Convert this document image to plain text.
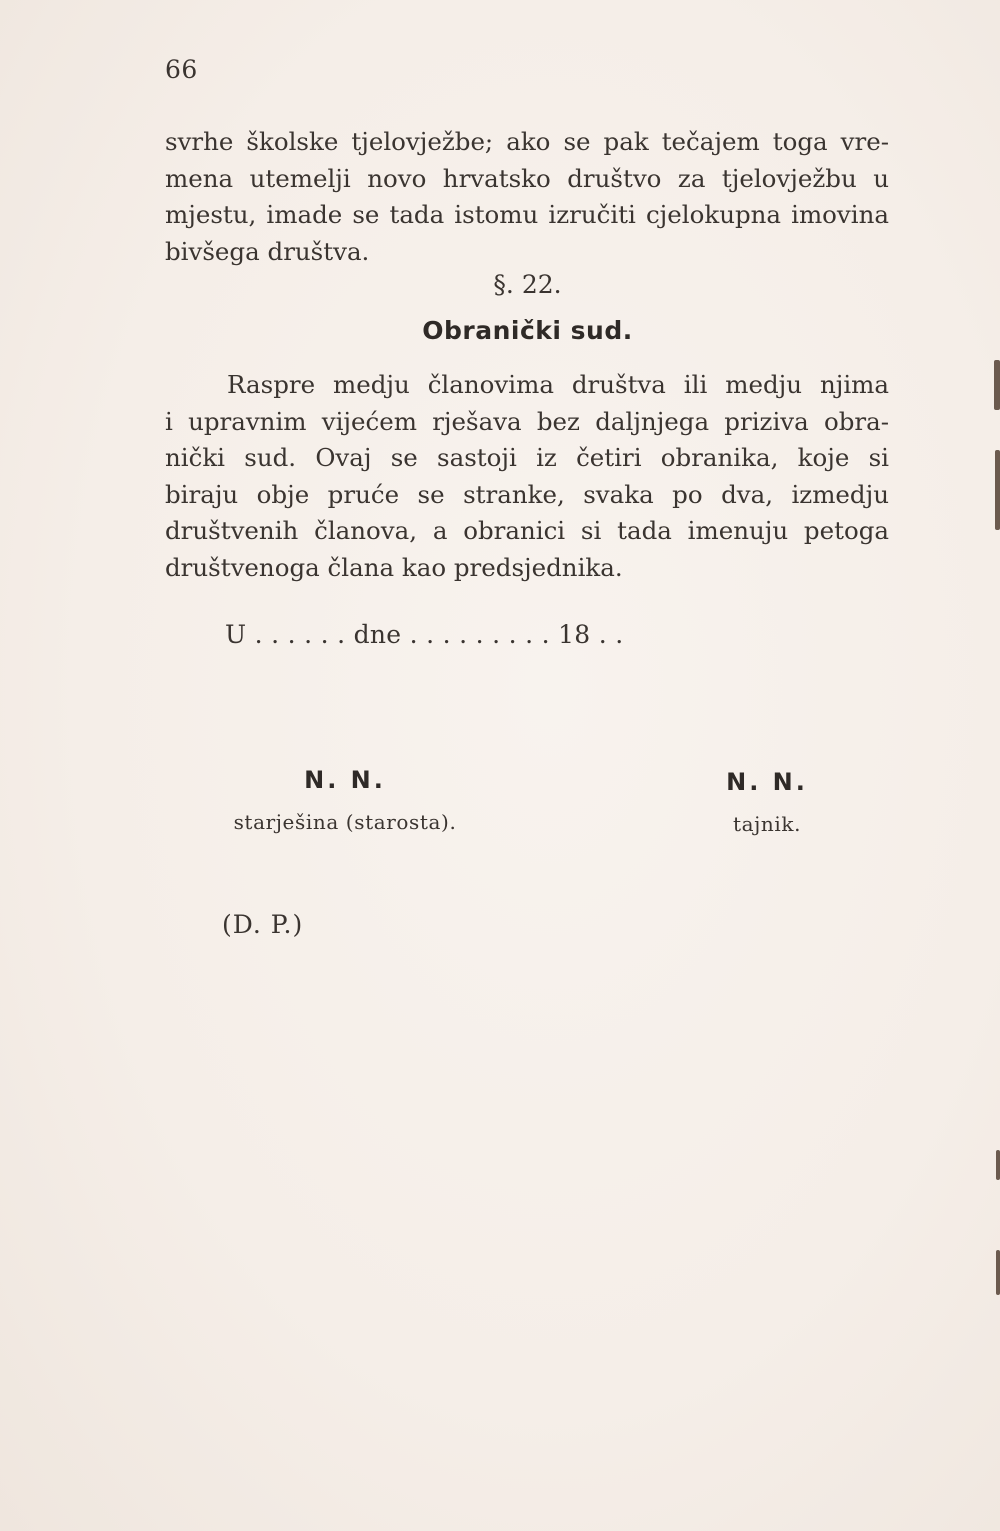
66
svrhe školske tjelovježbe; ako se pak tečajem toga vre-
mena utemelji novo hrvatsko društvo za tjelovježbu u
mjestu, imade se tada istomu izručiti cjelokupna imovina
bivšega društva.
§. 22.
Obranički sud.
Raspre medju članovima društva ili medju njima
i upravnim vijećem rješava bez daljnjega priziva obra-
nički sud. Ovaj se sastoji iz četiri obranika, koje si
biraju obje pruće se stranke, svaka po dva, izmedju
društvenih članova, a obranici si tada imenuju petoga
društvenoga člana kao predsjednika.
U . . . . . . dne . . . . . . . . . 18 . .
N. N.
starješina (starosta).
N. N.
tajnik.
(D. P.)
